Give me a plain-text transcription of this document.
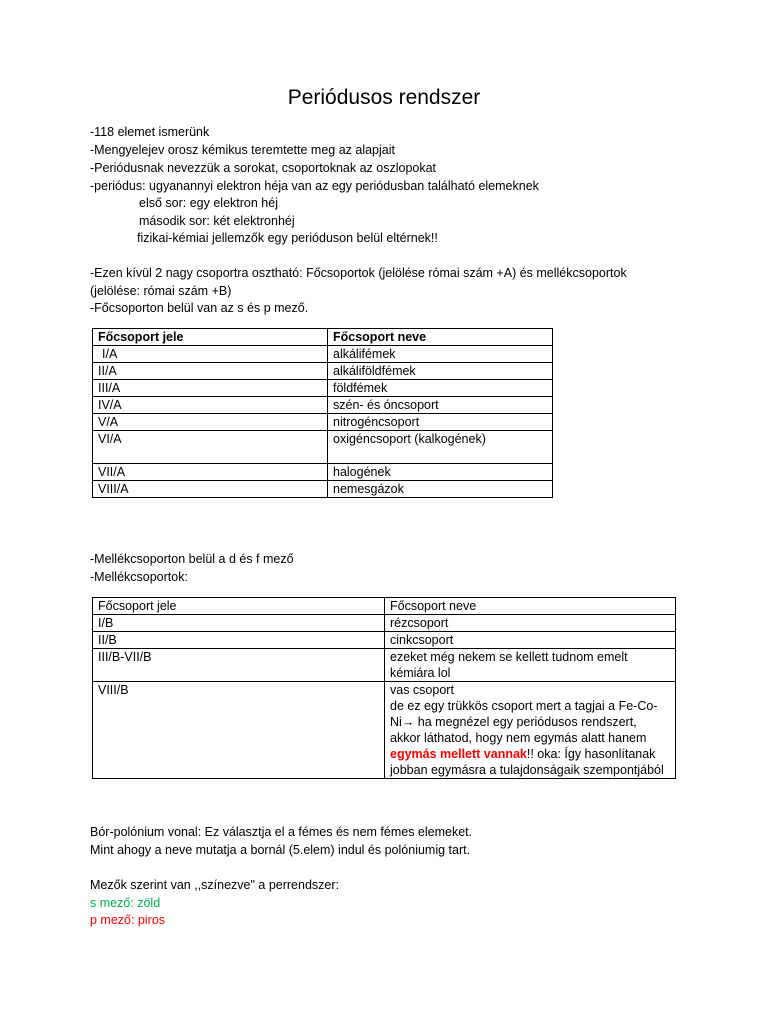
Periódusos rendszer
-118 elemet ismerünk
-Mengyelejev orosz kémikus teremtette meg az alapjait
-Periódusnak nevezzük a sorokat, csoportoknak az oszlopokat
-periódus: ugyanannyi elektron héja van az egy periódusban található elemeknek
első sor: egy elektron héj
második sor: két elektronhéj
fizikai-kémiai jellemzők egy perióduson belül eltérnek!!
-Ezen kívül 2 nagy csoportra osztható: Főcsoportok (jelölése római szám +A) és mellékcsoportok
(jelölése: római szám +B)
-Főcsoporton belül van az s és p mező.
Főcsoport jele	Főcsoport neve
I/A	alkálifémek
II/A	alkáliföldfémek
III/A	földfémek
IV/A	szén- és óncsoport
V/A	nitrogéncsoport
VI/A	oxigéncsoport (kalkogének)
VII/A	halogének
VIII/A	nemesgázok
-Mellékcsoporton belül a d és f mező
-Mellékcsoportok:
Főcsoport jele	Főcsoport neve
I/B	rézcsoport
II/B	cinkcsoport
III/B-VII/B	ezeket még nekem se kellett tudnom emelt kémiára lol
VIII/B	vas csoport
de ez egy trükkös csoport mert a tagjai a Fe-Co-Ni→ ha megnézel egy periódusos rendszert, akkor láthatod, hogy nem egymás alatt hanem egymás mellett vannak!! oka: Így hasonlítanak jobban egymásra a tulajdonságaik szempontjából
Bór-polónium vonal: Ez választja el a fémes és nem fémes elemeket.
Mint ahogy a neve mutatja a bornál (5.elem) indul és polóniumig tart.
Mezők szerint van ,,színezve" a perrendszer:
s mező: zöld
p mező: piros
